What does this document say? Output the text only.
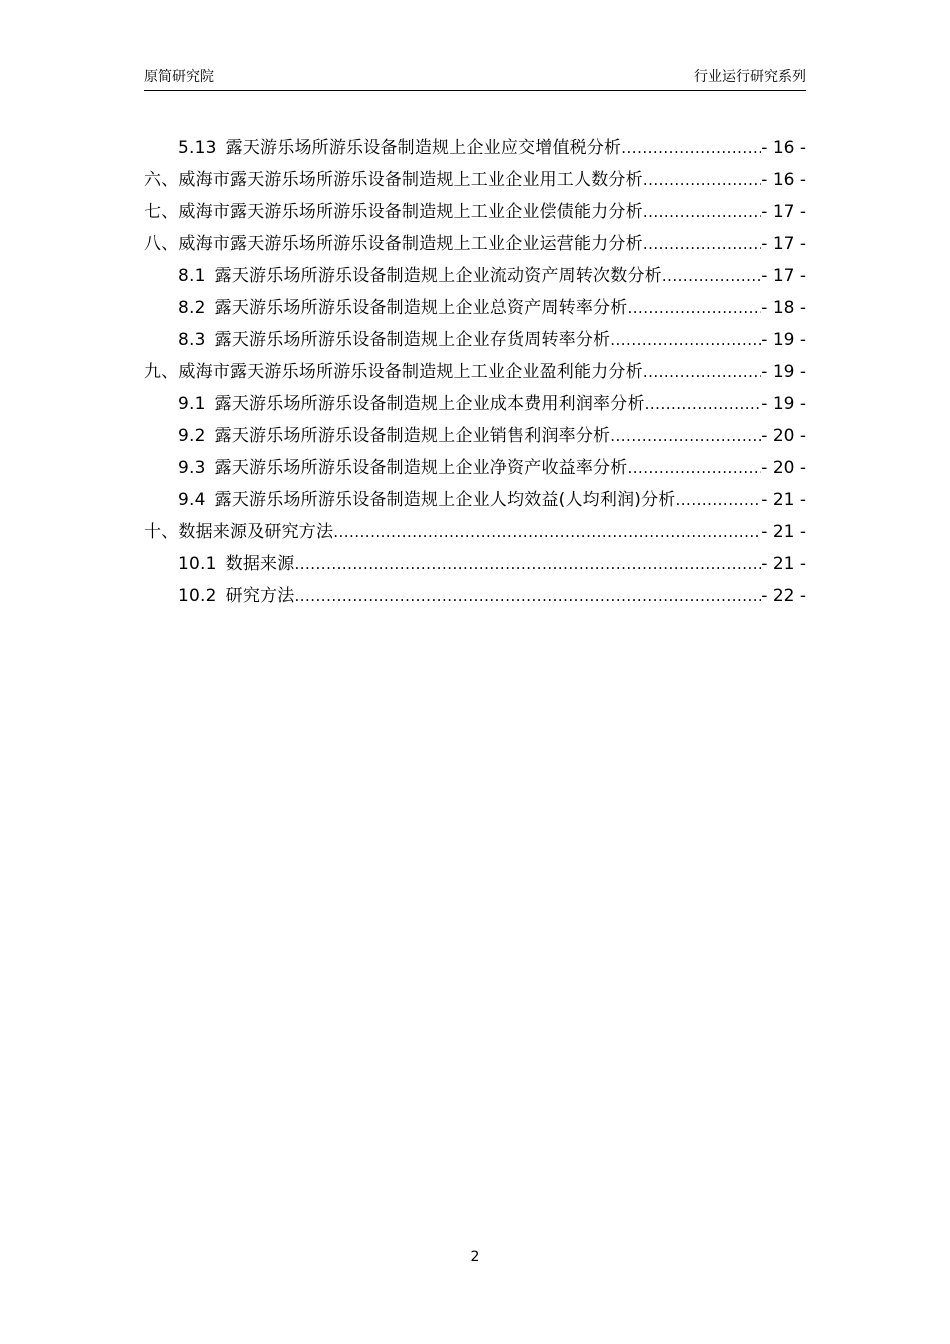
原简研究院	行业运行研究系列
5.13 露天游乐场所游乐设备制造规上企业应交增值税分析 .....	- 16 -
六、威海市露天游乐场所游乐设备制造规上工业企业用工人数分析 .....	- 16 -
七、威海市露天游乐场所游乐设备制造规上工业企业偿债能力分析 .....	- 17 -
八、威海市露天游乐场所游乐设备制造规上工业企业运营能力分析 .....	- 17 -
8.1 露天游乐场所游乐设备制造规上企业流动资产周转次数分析 .....	- 17 -
8.2 露天游乐场所游乐设备制造规上企业总资产周转率分析 .....	- 18 -
8.3 露天游乐场所游乐设备制造规上企业存货周转率分析 .....	- 19 -
九、威海市露天游乐场所游乐设备制造规上工业企业盈利能力分析 .....	- 19 -
9.1 露天游乐场所游乐设备制造规上企业成本费用利润率分析 .....	- 19 -
9.2 露天游乐场所游乐设备制造规上企业销售利润率分析 .....	- 20 -
9.3 露天游乐场所游乐设备制造规上企业净资产收益率分析 .....	- 20 -
9.4 露天游乐场所游乐设备制造规上企业人均效益(人均利润)分析 .....	- 21 -
十、数据来源及研究方法 .....	- 21 -
10.1 数据来源 .....	- 21 -
10.2 研究方法 .....	- 22 -
2
